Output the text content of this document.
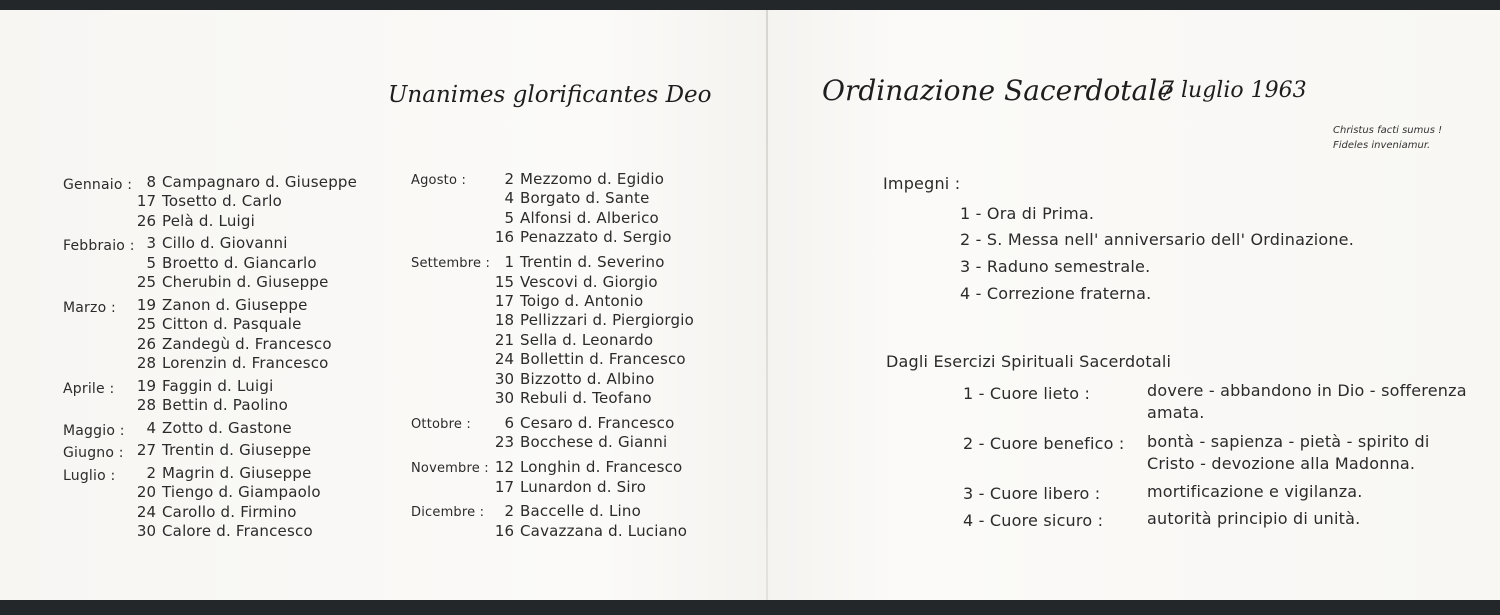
Unanimes glorificantes Deo
Gennaio : 8 Campagnaro d. Giuseppe
17 Tosetto d. Carlo
26 Pelà d. Luigi
Febbraio : 3 Cillo d. Giovanni
5 Broetto d. Giancarlo
25 Cherubin d. Giuseppe
Marzo :	19 Zanon d. Giuseppe
25 Citton d. Pasquale
26 Zandegù d. Francesco
28 Lorenzin d. Francesco
Aprile :	19 Faggin d. Luigi
28 Bettin d. Paolino
Maggio :	4 Zotto d. Gastone
Giugno : 27 Trentin d. Giuseppe
Luglio :	2 Magrin d. Giuseppe
20 Tiengo d. Giampaolo
24 Carollo d. Firmino
30 Calore d. Francesco
Agosto :	2 Mezzomo d. Egidio
4 Borgato d. Sante
5 Alfonsi d. Alberico
16 Penazzato d. Sergio
Settembre : 1 Trentin d. Severino
15 Vescovi d. Giorgio
17 Toigo d. Antonio
18 Pellizzari d. Piergiorgio
21 Sella d. Leonardo
24 Bollettin d. Francesco
30 Bizzotto d. Albino
30 Rebuli d. Teofano
Ottobre :	6 Cesaro d. Francesco
23 Bocchese d. Gianni
Novembre : 12 Longhin d. Francesco
17 Lunardon d. Siro
Dicembre :	2 Baccelle d. Lino
16 Cavazzana d. Luciano
Ordinazione Sacerdotale
7 luglio 1963
Christus facti sumus !
Fideles inveniamur.
Impegni :
1 - Ora di Prima.
2 - S. Messa nell' anniversario dell' Ordinazione.
3 - Raduno semestrale.
4 - Correzione fraterna.
Dagli Esercizi Spirituali Sacerdotali
1 - Cuore lieto :	dovere - abbandono in Dio - sofferenza
amata.
2 - Cuore benefico : bontà - sapienza - pietà - spirito di
Cristo - devozione alla Madonna.
3 - Cuore libero :	mortificazione e vigilanza.
4 - Cuore sicuro :	autorità principio di unità.
